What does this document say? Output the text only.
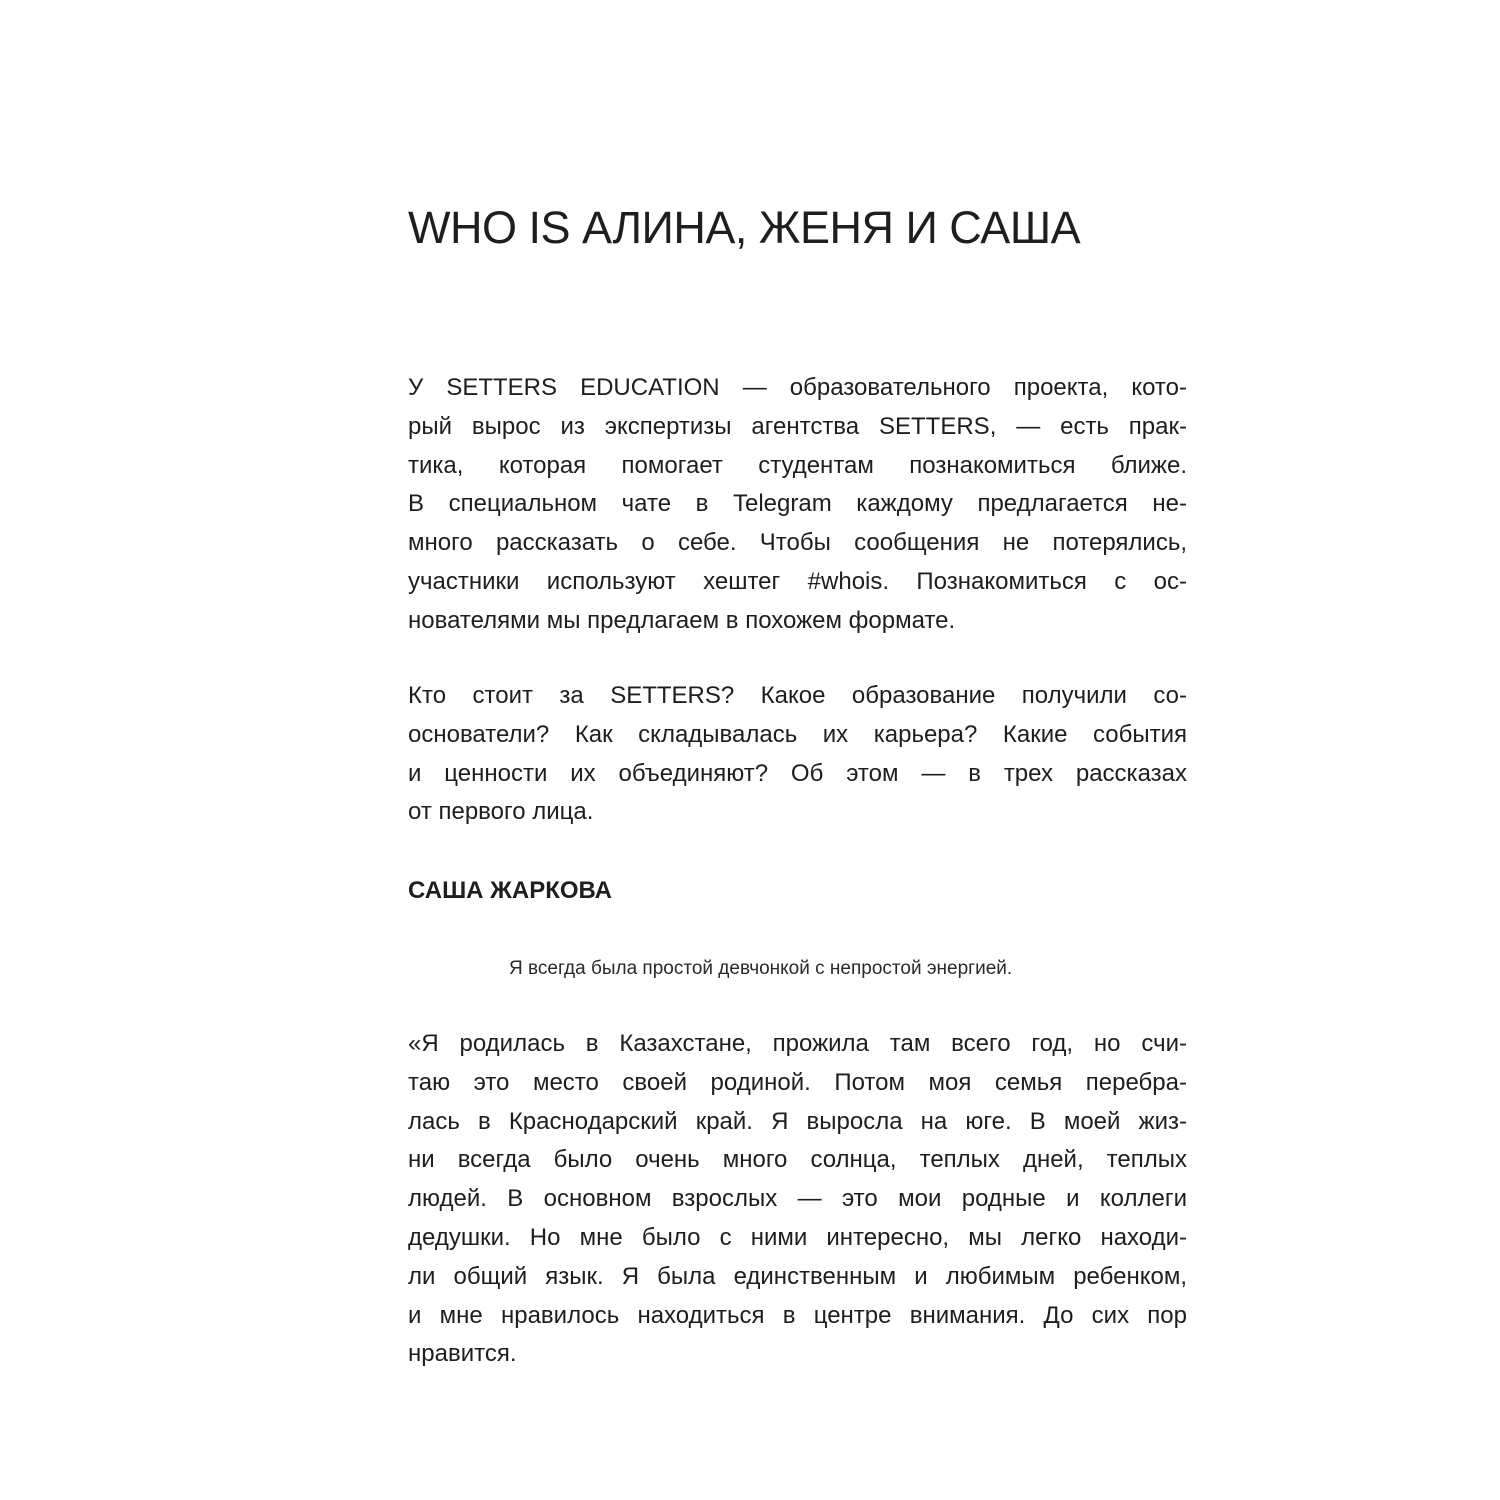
WHO IS АЛИНА, ЖЕНЯ И САША
У SETTERS EDUCATION — образовательного проекта, кото-
рый вырос из экспертизы агентства SETTERS, — есть прак-
тика, которая помогает студентам познакомиться ближе.
В специальном чате в Telegram каждому предлагается не-
много рассказать о себе. Чтобы сообщения не потерялись,
участники используют хештег #whois. Познакомиться с ос-
нователями мы предлагаем в похожем формате.
Кто стоит за SETTERS? Какое образование получили со-
основатели? Как складывалась их карьера? Какие события
и ценности их объединяют? Об этом — в трех рассказах
от первого лица.
САША ЖАРКОВА

Я всегда была простой девчонкой с непростой энергией.

«Я родилась в Казахстане, прожила там всего год, но счи-
таю это место своей родиной. Потом моя семья перебра-
лась в Краснодарский край. Я выросла на юге. В моей жиз-
ни всегда было очень много солнца, теплых дней, теплых
людей. В основном взрослых — это мои родные и коллеги
дедушки. Но мне было с ними интересно, мы легко находи-
ли общий язык. Я была единственным и любимым ребенком,
и мне нравилось находиться в центре внимания. До сих пор
нравится.
